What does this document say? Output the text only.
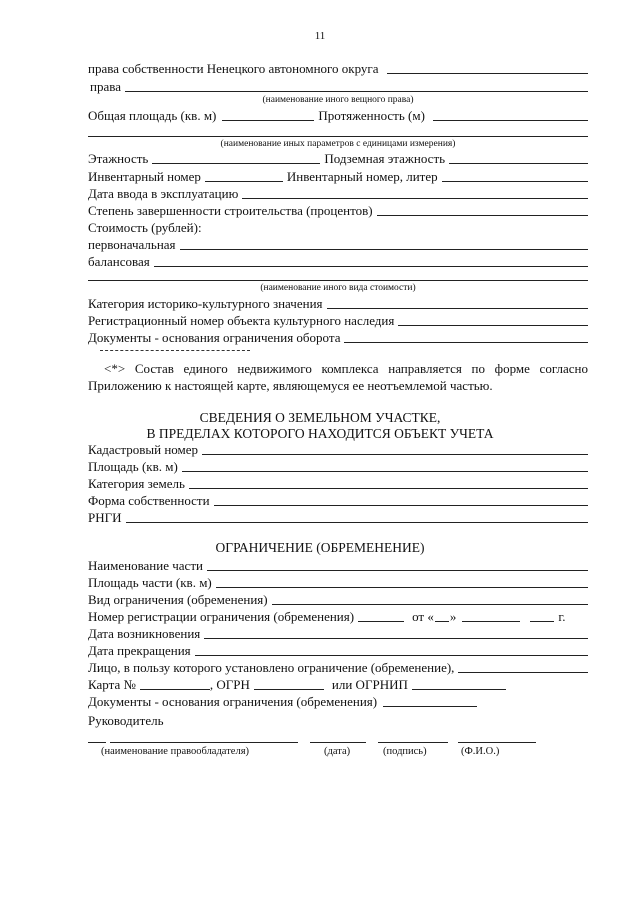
11
права собственности Ненецкого автономного округа
права
(наименование иного вещного права)
Общая площадь (кв. м)	Протяженность (м)
(наименование иных параметров с единицами измерения)
Этажность	Подземная этажность
Инвентарный номер	Инвентарный номер, литер
Дата ввода в эксплуатацию
Степень завершенности строительства (процентов)
Стоимость (рублей):
первоначальная
балансовая
(наименование иного вида стоимости)
Категория историко-культурного значения
Регистрационный номер объекта культурного наследия
Документы - основания ограничения оборота
<*> Состав единого недвижимого комплекса направляется по форме согласно Приложению к настоящей карте, являющемуся ее неотъемлемой частью.
СВЕДЕНИЯ О ЗЕМЕЛЬНОМ УЧАСТКЕ,
В ПРЕДЕЛАХ КОТОРОГО НАХОДИТСЯ ОБЪЕКТ УЧЕТА
Кадастровый номер
Площадь (кв. м)
Категория земель
Форма собственности
РНГИ
ОГРАНИЧЕНИЕ (ОБРЕМЕНЕНИЕ)
Наименование части
Площадь части (кв. м)
Вид ограничения (обременения)
Номер регистрации ограничения (обременения)	от « »	г.
Дата возникновения
Дата прекращения
Лицо, в пользу которого установлено ограничение (обременение),
Карта №	, ОГРН	или ОГРНИП
Документы - основания ограничения (обременения)
Руководитель
(наименование правообладателя)	(дата)	(подпись)	(Ф.И.О.)
